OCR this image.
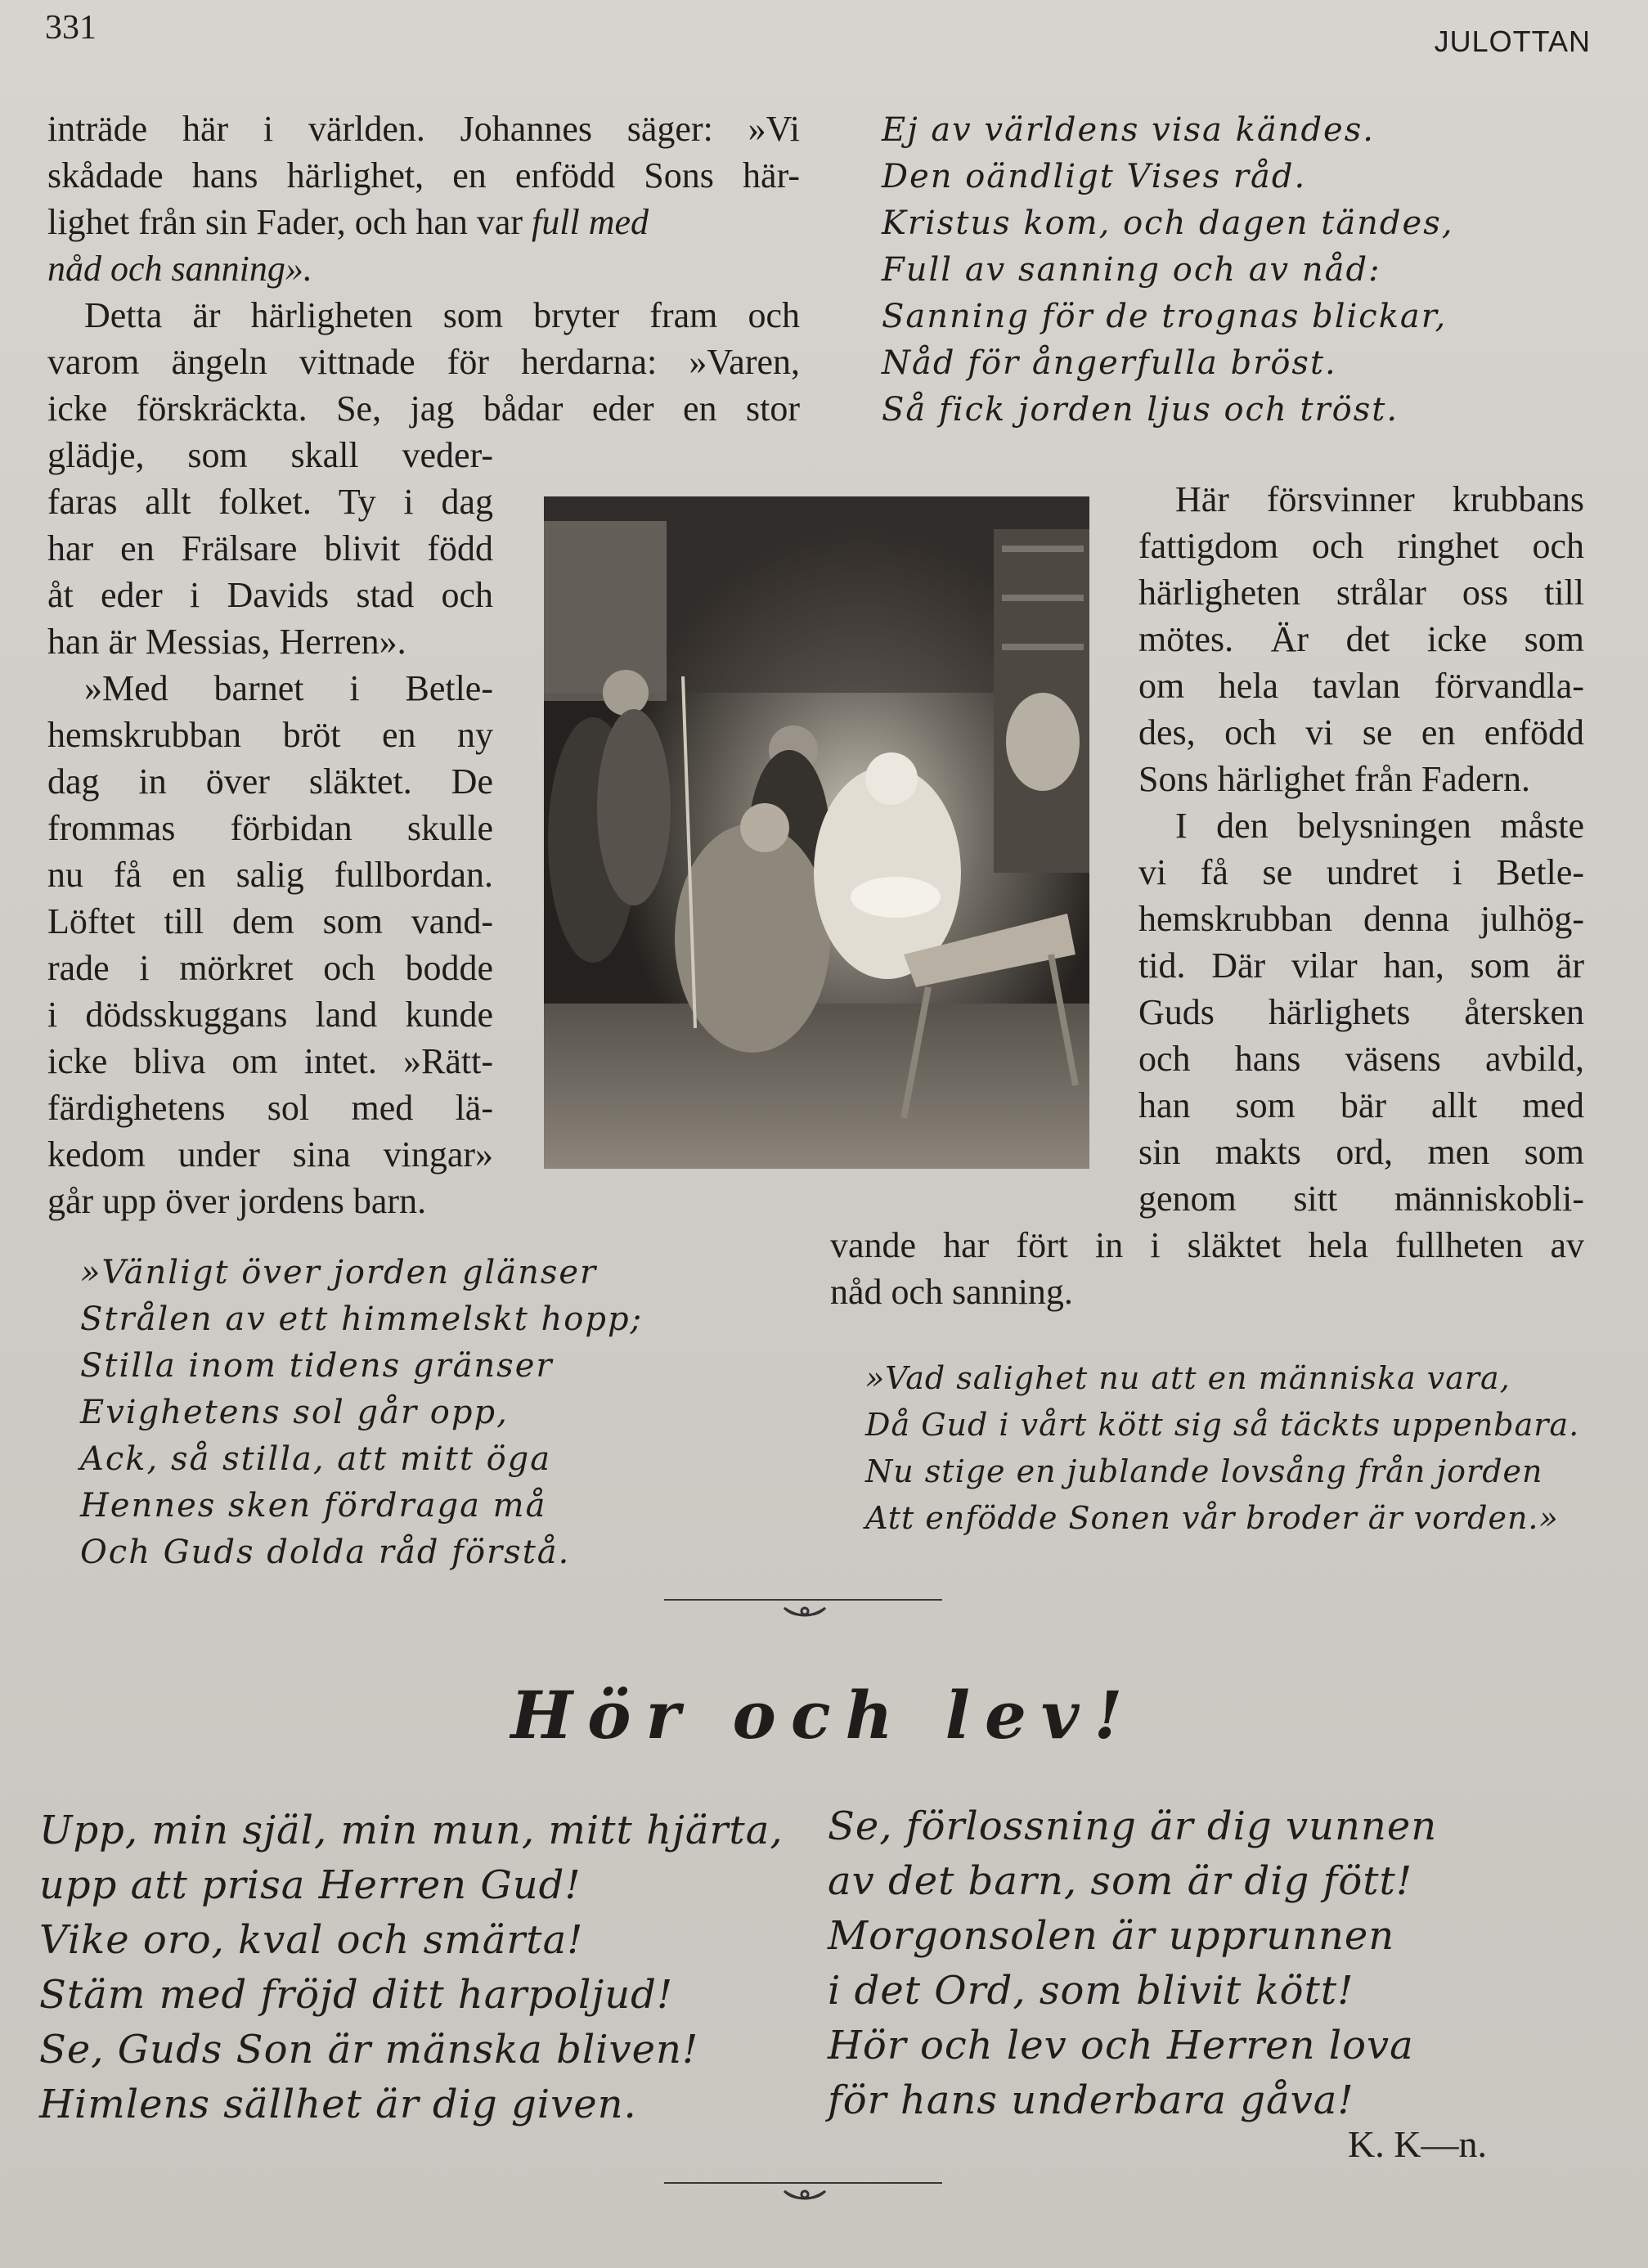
331	JULOTTAN
inträde här i världen. Johannes säger: »Vi
skådade hans härlighet, en enfödd Sons här-
lighet från sin Fader, och han var full med
nåd och sanning».
Detta är härligheten som bryter fram och
varom ängeln vittnade för herdarna: »Varen,
icke förskräckta. Se, jag bådar eder en stor
glädje, som skall veder-
faras allt folket. Ty i dag
har en Frälsare blivit född
åt eder i Davids stad och
han är Messias, Herren».
»Med barnet i Betle-
hemskrubban bröt en ny
dag in över släktet. De
frommas förbidan skulle
nu få en salig fullbordan.
Löftet till dem som vand-
rade i mörkret och bodde
i dödsskuggans land kunde
icke bliva om intet. »Rätt-
färdighetens sol med lä-
kedom under sina vingar»
går upp över jordens barn.
»Vänligt över jorden glänser
Strålen av ett himmelskt hopp;
Stilla inom tidens gränser
Evighetens sol går opp,
Ack, så stilla, att mitt öga
Hennes sken fördraga må
Och Guds dolda råd förstå.
Ej av världens visa kändes.
Den oändligt Vises råd.
Kristus kom, och dagen tändes,
Full av sanning och av nåd:
Sanning för de trognas blickar,
Nåd för ångerfulla bröst.
Så fick jorden ljus och tröst.
Här försvinner krubbans
fattigdom och ringhet och
härligheten strålar oss till
mötes. Är det icke som
om hela tavlan förvandla-
des, och vi se en enfödd
Sons härlighet från Fadern.
I den belysningen måste
vi få se undret i Betle-
hemskrubban denna julhög-
tid. Där vilar han, som är
Guds härlighets återsken
och hans väsens avbild,
han som bär allt med
sin makts ord, men som
genom sitt människobli-
vande har fört in i släktet hela fullheten av
nåd och sanning.
»Vad salighet nu att en människa vara,
Då Gud i vårt kött sig så täckts uppenbara.
Nu stige en jublande lovsång från jorden
Att enfödde Sonen vår broder är vorden.»
Hör och lev!
Upp, min själ, min mun, mitt hjärta,
upp att prisa Herren Gud!
Vike oro, kval och smärta!
Stäm med fröjd ditt harpoljud!
Se, Guds Son är mänska bliven!
Himlens sällhet är dig given.
Se, förlossning är dig vunnen
av det barn, som är dig fött!
Morgonsolen är upprunnen
i det Ord, som blivit kött!
Hör och lev och Herren lova
för hans underbara gåva!
K. K—n.
